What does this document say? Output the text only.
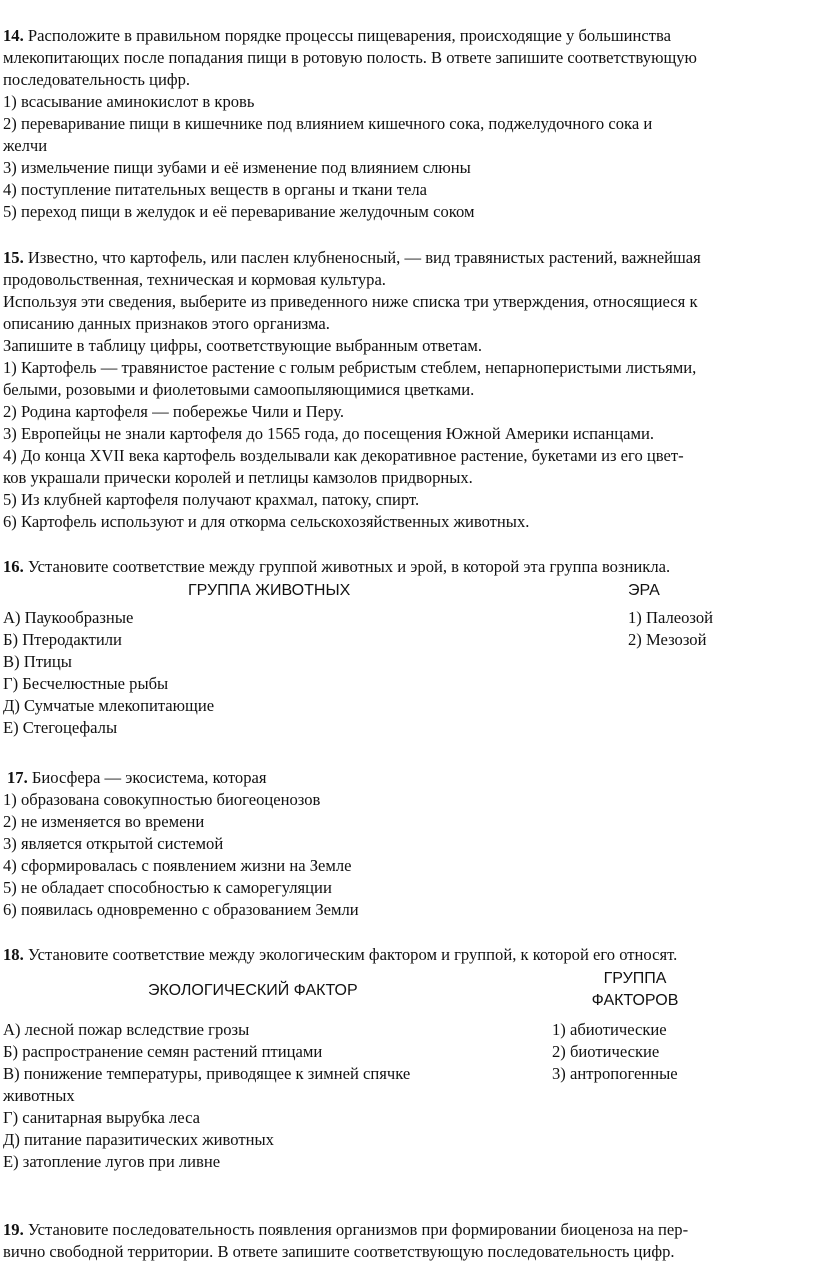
14. Расположите в правильном порядке процессы пищеварения, происходящие у большинства
млекопитающих после попадания пищи в ротовую полость. В ответе запишите соответствующую
последовательность цифр.
1) всасывание аминокислот в кровь
2) переваривание пищи в кишечнике под влиянием кишечного сока, поджелудочного сока и
желчи
3) измельчение пищи зубами и её изменение под влиянием слюны
4) поступление питательных веществ в органы и ткани тела
5) переход пищи в желудок и её переваривание желудочным соком
15. Известно, что картофель, или паслен клубненосный, — вид травянистых растений, важнейшая
продовольственная, техническая и кормовая культура.
Используя эти сведения, выберите из приведенного ниже списка три утверждения, относящиеся к
описанию данных признаков этого организма.
Запишите в таблицу цифры, соответствующие выбранным ответам.
1) Картофель — травянистое растение с голым ребристым стеблем, непарноперистыми листьями,
белыми, розовыми и фиолетовыми самоопыляющимися цветками.
2) Родина картофеля — побережье Чили и Перу.
3) Европейцы не знали картофеля до 1565 года, до посещения Южной Америки испанцами.
4) До конца XVII века картофель возделывали как декоративное растение, букетами из его цвет-
ков украшали прически королей и петлицы камзолов придворных.
5) Из клубней картофеля получают крахмал, патоку, спирт.
6) Картофель используют и для откорма сельскохозяйственных животных.
16. Установите соответствие между группой животных и эрой, в которой эта группа возникла.
ГРУППА ЖИВОТНЫХ	ЭРА
А) Паукообразные
Б) Птеродактили
В) Птицы
Г) Бесчелюстные рыбы
Д) Сумчатые млекопитающие
Е) Стегоцефалы
1) Палеозой
2) Мезозой
17. Биосфера — экосистема, которая
1) образована совокупностью биогеоценозов
2) не изменяется во времени
3) является открытой системой
4) сформировалась с появлением жизни на Земле
5) не обладает способностью к саморегуляции
6) появилась одновременно с образованием Земли
18. Установите соответствие между экологическим фактором и группой, к которой его относят.
ЭКОЛОГИЧЕСКИЙ ФАКТОР
ГРУППА
ФАКТОРОВ
А) лесной пожар вследствие грозы
Б) распространение семян растений птицами
В) понижение температуры, приводящее к зимней спячке
животных
Г) санитарная вырубка леса
Д) питание паразитических животных
Е) затопление лугов при ливне
1) абиотические
2) биотические
3) антропогенные
19. Установите последовательность появления организмов при формировании биоценоза на пер-
вично свободной территории. В ответе запишите соответствующую последовательность цифр.
